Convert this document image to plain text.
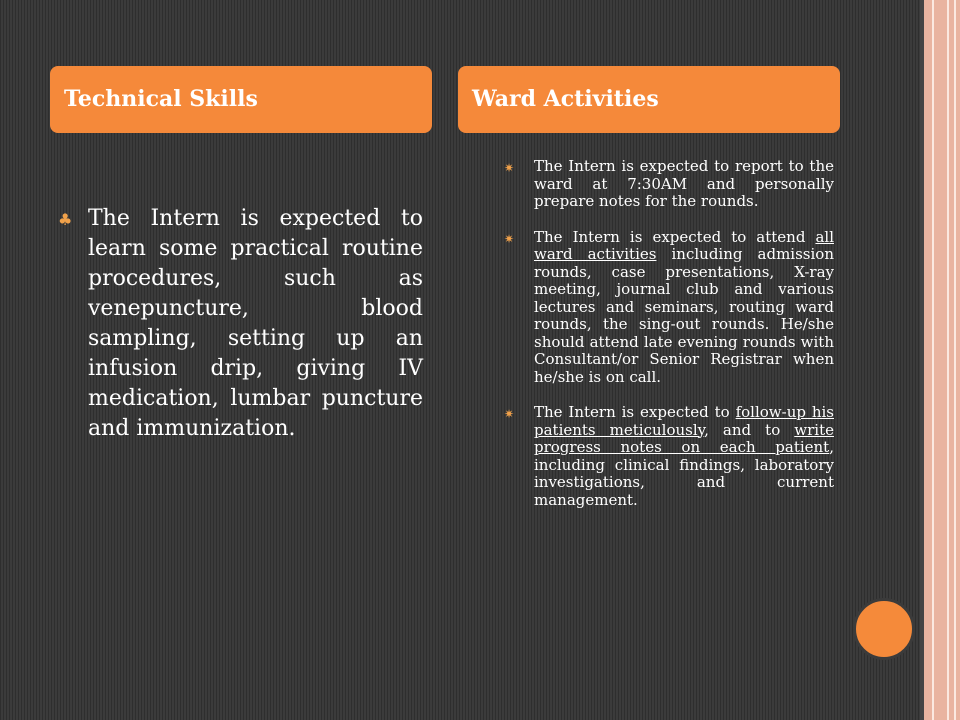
Technical Skills	Ward Activities
♣ The Intern is expected to learn some practical routine procedures, such as venepuncture, blood sampling, setting up an infusion drip, giving IV medication, lumbar puncture and immunization.
✷ The Intern is expected to report to the ward at 7:30AM and personally prepare notes for the rounds.
✷ The Intern is expected to attend all ward activities including admission rounds, case presentations, X-ray meeting, journal club and various lectures and seminars, routing ward rounds, the sing-out rounds. He/she should attend late evening rounds with Consultant/or Senior Registrar when he/she is on call.
✷ The Intern is expected to follow-up his patients meticulously, and to write progress notes on each patient, including clinical findings, laboratory investigations, and current management.
